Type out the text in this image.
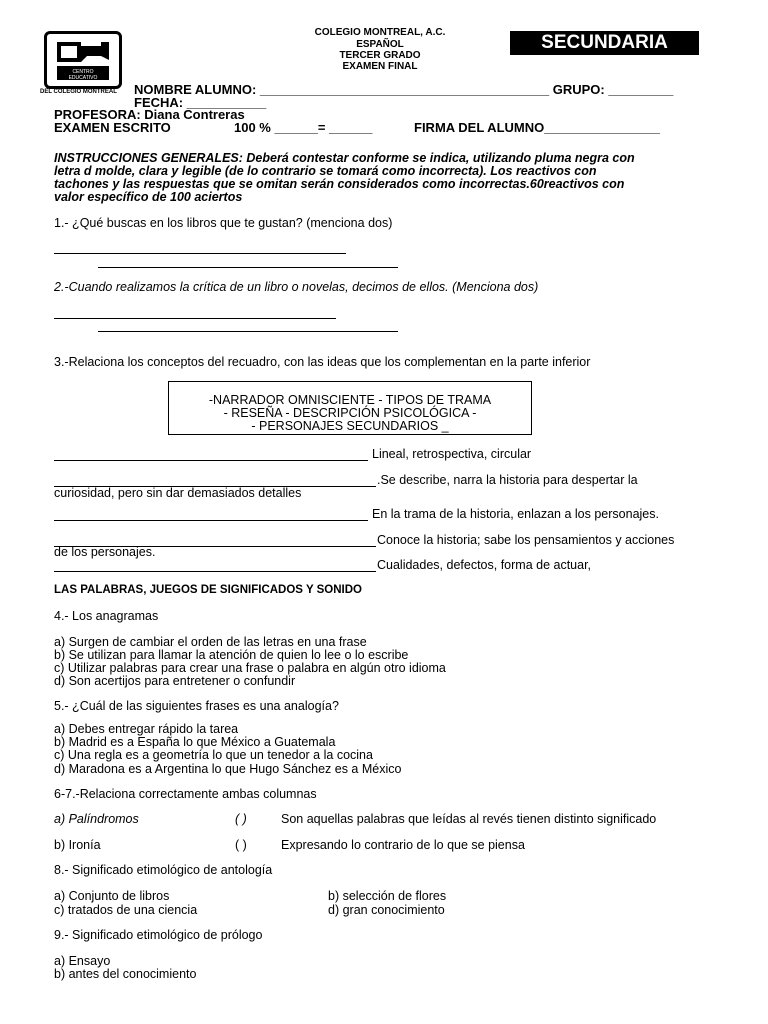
CENTRO
EDUCATIVO
DEL COLEGIO MONTREAL
COLEGIO MONTREAL, A.C.
ESPAÑOL
TERCER GRADO
EXAMEN FINAL
SECUNDARIA
NOMBRE ALUMNO: ________________________________________ GRUPO: _________
FECHA: ___________
PROFESORA: Diana Contreras
EXAMEN ESCRITO	100 % ______= ______	FIRMA DEL ALUMNO________________
INSTRUCCIONES GENERALES: Deberá contestar conforme se indica, utilizando pluma negra con
letra d molde, clara y legible (de lo contrario se tomará como incorrecta). Los reactivos con
tachones y las respuestas que se omitan serán considerados como incorrectas.60reactivos con
valor específico de 100 aciertos
1.- ¿Qué buscas en los libros que te gustan? (menciona dos)
2.-Cuando realizamos la crítica de un libro o novelas, decimos de ellos. (Menciona dos)
3.-Relaciona los conceptos del recuadro, con las ideas que los complementan en la parte inferior
-NARRADOR OMNISCIENTE - TIPOS DE TRAMA
- RESEÑA - DESCRIPCIÓN PSICOLÓGICA -
- PERSONAJES SECUNDARIOS _
Lineal, retrospectiva, circular
.Se describe, narra la historia para despertar la
curiosidad, pero sin dar demasiados detalles
En la trama de la historia, enlazan a los personajes.
Conoce la historia; sabe los pensamientos y acciones
de los personajes.
Cualidades, defectos, forma de actuar,
LAS PALABRAS, JUEGOS DE SIGNIFICADOS Y SONIDO
4.- Los anagramas
a) Surgen de cambiar el orden de las letras en una frase
b) Se utilizan para llamar la atención de quien lo lee o lo escribe
c) Utilizar palabras para crear una frase o palabra en algún otro idioma
d) Son acertijos para entretener o confundir
5.- ¿Cuál de las siguientes frases es una analogía?
a) Debes entregar rápido la tarea
b) Madrid es a España lo que México a Guatemala
c) Una regla es a geometría lo que un tenedor a la cocina
d) Maradona es a Argentina lo que Hugo Sánchez es a México
6-7.-Relaciona correctamente ambas columnas
a) Palíndromos	( )	Son aquellas palabras que leídas al revés tienen distinto significado
b) Ironía	( )	Expresando lo contrario de lo que se piensa
8.- Significado etimológico de antología
a) Conjunto de libros	b) selección de flores
c) tratados de una ciencia	d) gran conocimiento
9.- Significado etimológico de prólogo
a) Ensayo
b) antes del conocimiento
